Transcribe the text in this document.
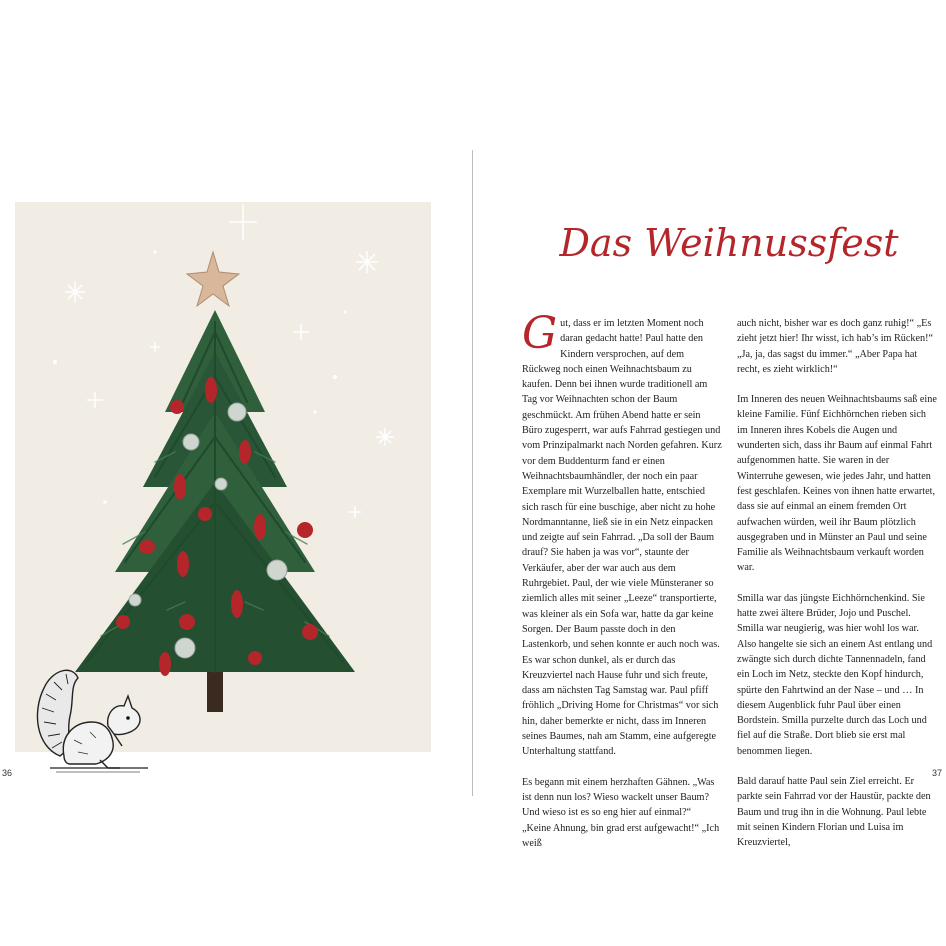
36
Das Weihnussfest

Gut, dass er im letzten Moment noch daran gedacht hatte! Paul hatte den Kindern versprochen, auf dem Rückweg noch einen Weihnachtsbaum zu kaufen. Denn bei ihnen wurde traditionell am Tag vor Weihnachten schon der Baum geschmückt. Am frühen Abend hatte er sein Büro zugesperrt, war aufs Fahrrad gestiegen und vom Prinzipalmarkt nach Norden gefahren. Kurz vor dem Buddenturm fand er einen Weihnachtsbaumhändler, der noch ein paar Exemplare mit Wurzelballen hatte, entschied sich rasch für eine buschige, aber nicht zu hohe Nordmanntanne, ließ sie in ein Netz einpacken und zeigte auf sein Fahrrad. „Da soll der Baum drauf? Sie haben ja was vor“, staunte der Verkäufer, aber der war auch aus dem Ruhrgebiet. Paul, der wie viele Münsteraner so ziemlich alles mit seiner „Leeze“ transportierte, was kleiner als ein Sofa war, hatte da gar keine Sorgen. Der Baum passte doch in den Lastenkorb, und sehen konnte er auch noch was. Es war schon dunkel, als er durch das Kreuzviertel nach Hause fuhr und sich freute, dass am nächsten Tag Samstag war. Paul pfiff fröhlich „Driving Home for Christmas“ vor sich hin, daher bemerkte er nicht, dass im Inneren seines Baumes, nah am Stamm, eine aufgeregte Unterhaltung stattfand.

Es begann mit einem herzhaften Gähnen. „Was ist denn nun los? Wieso wackelt unser Baum? Und wieso ist es so eng hier auf einmal?“ „Keine Ahnung, bin grad erst aufgewacht!“ „Ich weiß

auch nicht, bisher war es doch ganz ruhig!“ „Es zieht jetzt hier! Ihr wisst, ich hab’s im Rücken!“ „Ja, ja, das sagst du immer.“ „Aber Papa hat recht, es zieht wirklich!“

Im Inneren des neuen Weihnachtsbaums saß eine kleine Familie. Fünf Eichhörnchen rieben sich im Inneren ihres Kobels die Augen und wunderten sich, dass ihr Baum auf einmal Fahrt aufgenommen hatte. Sie waren in der Winterruhe gewesen, wie jedes Jahr, und hatten fest geschlafen. Keines von ihnen hatte erwartet, dass sie auf einmal an einem fremden Ort aufwachen würden, weil ihr Baum plötzlich ausgegraben und in Münster an Paul und seine Familie als Weihnachtsbaum verkauft worden war.

Smilla war das jüngste Eichhörnchenkind. Sie hatte zwei ältere Brüder, Jojo und Puschel. Smilla war neugierig, was hier wohl los war. Also hangelte sie sich an einem Ast entlang und zwängte sich durch dichte Tannennadeln, fand ein Loch im Netz, steckte den Kopf hindurch, spürte den Fahrtwind an der Nase – und … In diesem Augenblick fuhr Paul über einen Bordstein. Smilla purzelte durch das Loch und fiel auf die Straße. Dort blieb sie erst mal benommen liegen.

Bald darauf hatte Paul sein Ziel erreicht. Er parkte sein Fahrrad vor der Haustür, packte den Baum und trug ihn in die Wohnung. Paul lebte mit seinen Kindern Florian und Luisa im Kreuzviertel,

37
